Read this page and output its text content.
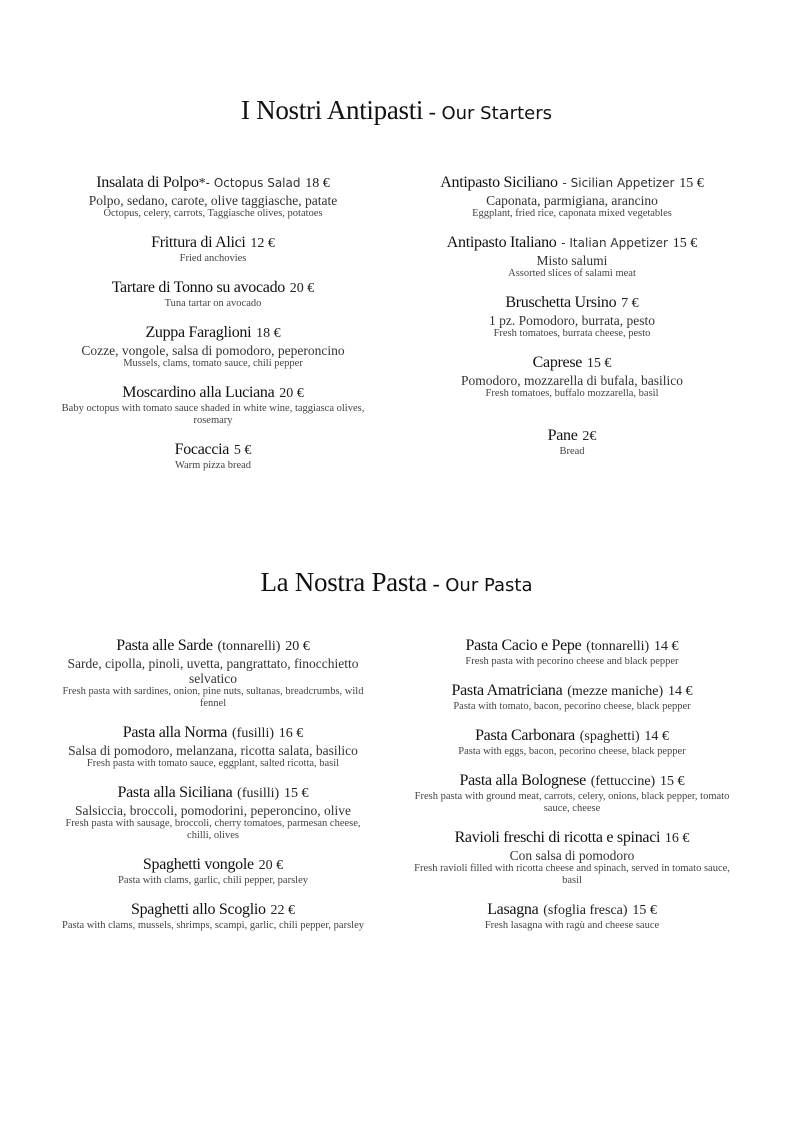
I Nostri Antipasti - Our Starters
Insalata di Polpo*- Octopus Salad 18 €
Polpo, sedano, carote, olive taggiasche, patate
Octopus, celery, carrots, Taggiasche olives, potatoes
Frittura di Alici 12 €
Fried anchovies
Tartare di Tonno su avocado 20 €
Tuna tartar on avocado
Zuppa Faraglioni 18 €
Cozze, vongole, salsa di pomodoro, peperoncino
Mussels, clams, tomato sauce, chili pepper
Moscardino alla Luciana 20 €
Baby octopus with tomato sauce shaded in white wine, taggiasca olives, rosemary
Focaccia 5 €
Warm pizza bread
Antipasto Siciliano - Sicilian Appetizer 15 €
Caponata, parmigiana, arancino
Eggplant, fried rice, caponata mixed vegetables
Antipasto Italiano - Italian Appetizer 15 €
Misto salumi
Assorted slices of salami meat
Bruschetta Ursino 7 €
1 pz. Pomodoro, burrata, pesto
Fresh tomatoes, burrata cheese, pesto
Caprese 15 €
Pomodoro, mozzarella di bufala, basilico
Fresh tomatoes, buffalo mozzarella, basil
Pane 2€
Bread
La Nostra Pasta - Our Pasta
Pasta alle Sarde (tonnarelli) 20 €
Sarde, cipolla, pinoli, uvetta, pangrattato, finocchietto selvatico
Fresh pasta with sardines, onion, pine nuts, sultanas, breadcrumbs, wild fennel
Pasta alla Norma (fusilli) 16 €
Salsa di pomodoro, melanzana, ricotta salata, basilico
Fresh pasta with tomato sauce, eggplant, salted ricotta, basil
Pasta alla Siciliana (fusilli) 15 €
Salsiccia, broccoli, pomodorini, peperoncino, olive
Fresh pasta with sausage, broccoli, cherry tomatoes, parmesan cheese, chilli, olives
Spaghetti vongole 20 €
Pasta with clams, garlic, chili pepper, parsley
Spaghetti allo Scoglio 22 €
Pasta with clams, mussels, shrimps, scampi, garlic, chili pepper, parsley
Pasta Cacio e Pepe (tonnarelli) 14 €
Fresh pasta with pecorino cheese and black pepper
Pasta Amatriciana (mezze maniche) 14 €
Pasta with tomato, bacon, pecorino cheese, black pepper
Pasta Carbonara (spaghetti) 14 €
Pasta with eggs, bacon, pecorino cheese, black pepper
Pasta alla Bolognese (fettuccine) 15 €
Fresh pasta with ground meat, carrots, celery, onions, black pepper, tomato sauce, cheese
Ravioli freschi di ricotta e spinaci 16 €
Con salsa di pomodoro
Fresh ravioli filled with ricotta cheese and spinach, served in tomato sauce, basil
Lasagna (sfoglia fresca) 15 €
Fresh lasagna with ragù and cheese sauce
